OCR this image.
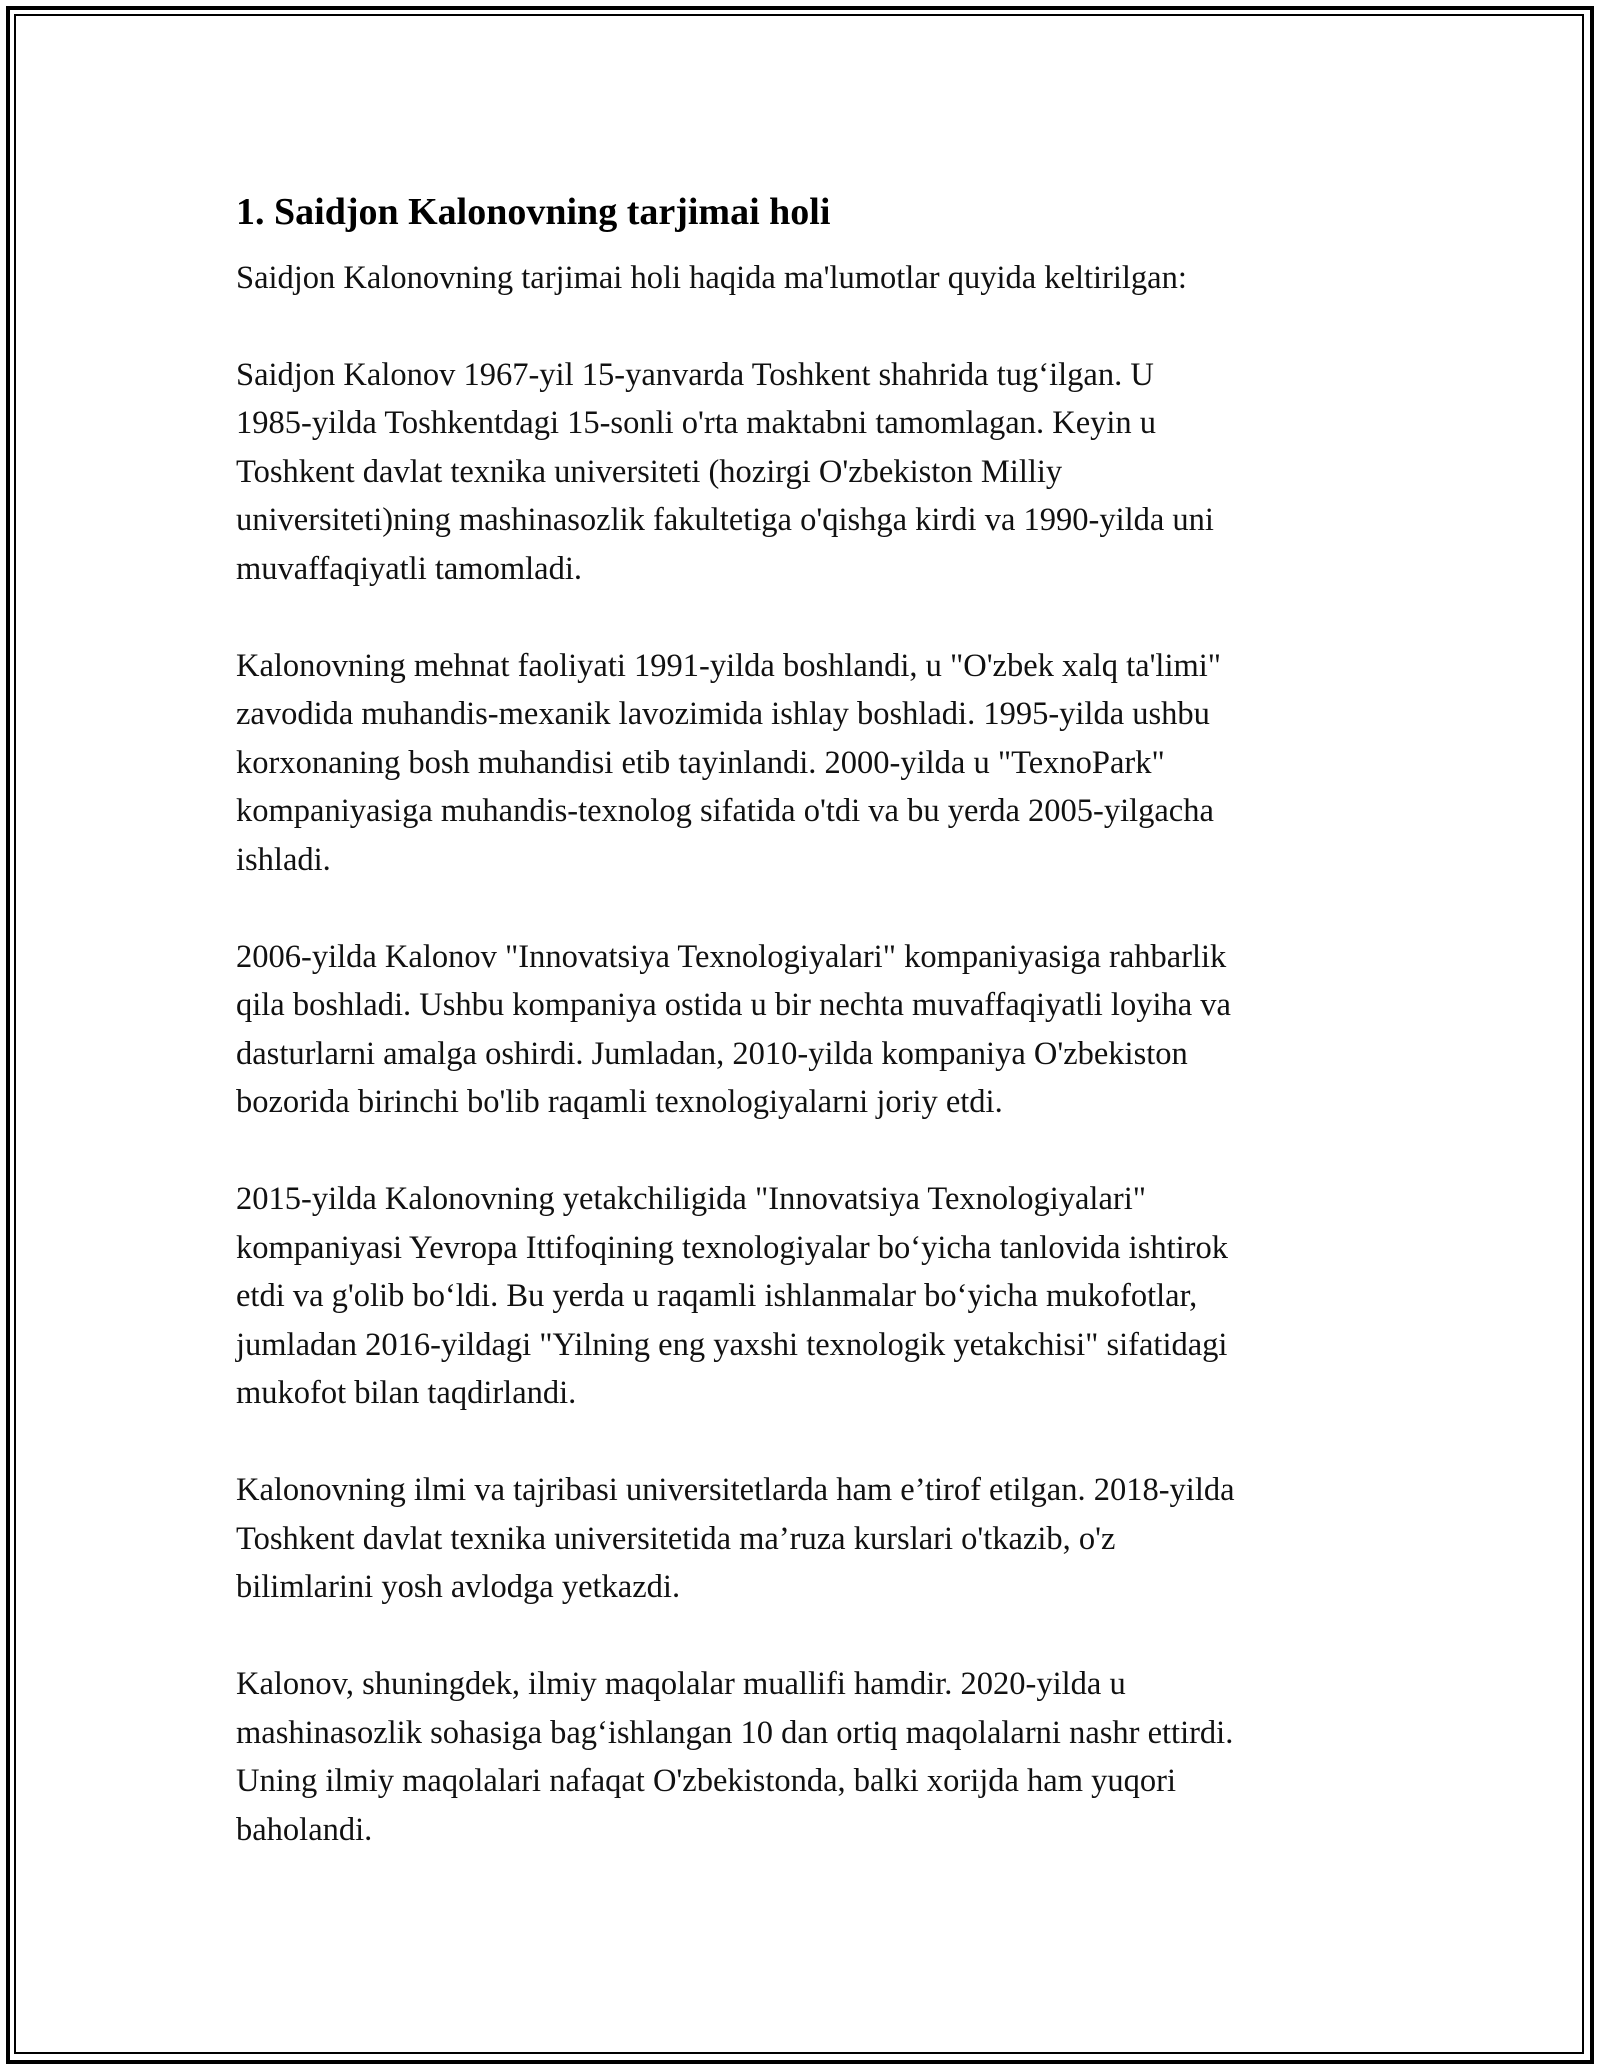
1. Saidjon Kalonovning tarjimai holi

Saidjon Kalonovning tarjimai holi haqida ma'lumotlar quyida keltirilgan:

Saidjon Kalonov 1967-yil 15-yanvarda Toshkent shahrida tug‘ilgan. U
1985-yilda Toshkentdagi 15-sonli o'rta maktabni tamomlagan. Keyin u
Toshkent davlat texnika universiteti (hozirgi O'zbekiston Milliy
universiteti)ning mashinasozlik fakultetiga o'qishga kirdi va 1990-yilda uni
muvaffaqiyatli tamomladi.

Kalonovning mehnat faoliyati 1991-yilda boshlandi, u "O'zbek xalq ta'limi"
zavodida muhandis-mexanik lavozimida ishlay boshladi. 1995-yilda ushbu
korxonaning bosh muhandisi etib tayinlandi. 2000-yilda u "TexnoPark"
kompaniyasiga muhandis-texnolog sifatida o'tdi va bu yerda 2005-yilgacha
ishladi.

2006-yilda Kalonov "Innovatsiya Texnologiyalari" kompaniyasiga rahbarlik
qila boshladi. Ushbu kompaniya ostida u bir nechta muvaffaqiyatli loyiha va
dasturlarni amalga oshirdi. Jumladan, 2010-yilda kompaniya O'zbekiston
bozorida birinchi bo'lib raqamli texnologiyalarni joriy etdi.

2015-yilda Kalonovning yetakchiligida "Innovatsiya Texnologiyalari"
kompaniyasi Yevropa Ittifoqining texnologiyalar bo‘yicha tanlovida ishtirok
etdi va g'olib bo‘ldi. Bu yerda u raqamli ishlanmalar bo‘yicha mukofotlar,
jumladan 2016-yildagi "Yilning eng yaxshi texnologik yetakchisi" sifatidagi
mukofot bilan taqdirlandi.

Kalonovning ilmi va tajribasi universitetlarda ham e’tirof etilgan. 2018-yilda
Toshkent davlat texnika universitetida ma’ruza kurslari o'tkazib, o'z
bilimlarini yosh avlodga yetkazdi.

Kalonov, shuningdek, ilmiy maqolalar muallifi hamdir. 2020-yilda u
mashinasozlik sohasiga bag‘ishlangan 10 dan ortiq maqolalarni nashr ettirdi.
Uning ilmiy maqolalari nafaqat O'zbekistonda, balki xorijda ham yuqori
baholandi.
